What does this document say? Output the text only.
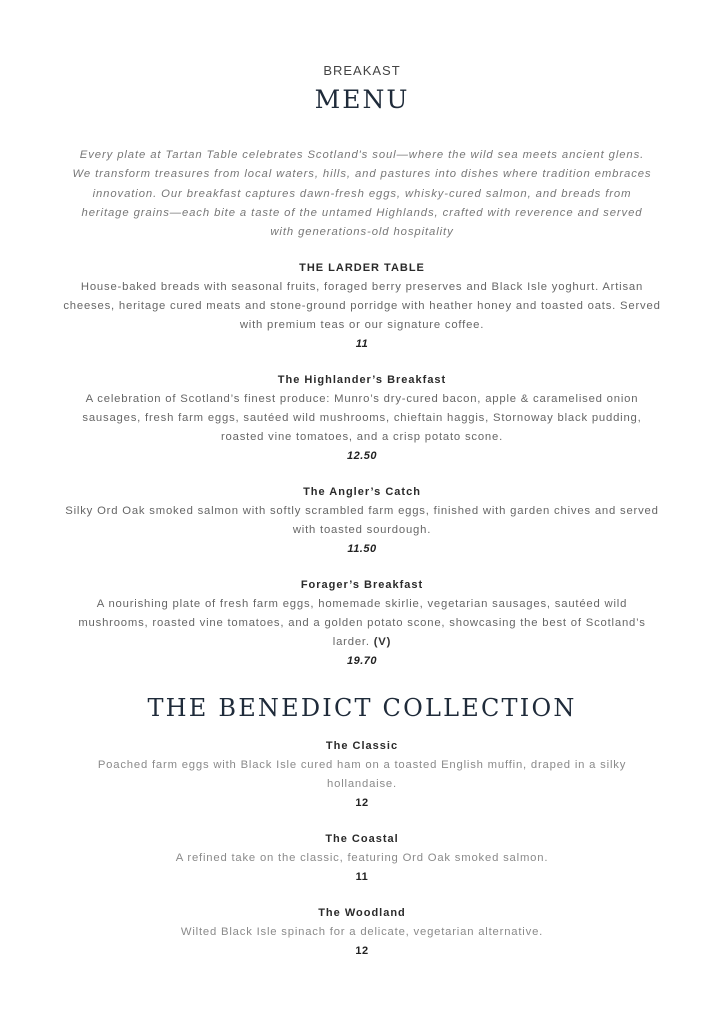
BREAKAST
MENU
Every plate at Tartan Table celebrates Scotland's soul—where the wild sea meets ancient glens. We transform treasures from local waters, hills, and pastures into dishes where tradition embraces innovation. Our breakfast captures dawn-fresh eggs, whisky-cured salmon, and breads from heritage grains—each bite a taste of the untamed Highlands, crafted with reverence and served with generations-old hospitality
THE LARDER TABLE
House-baked breads with seasonal fruits, foraged berry preserves and Black Isle yoghurt. Artisan cheeses, heritage cured meats and stone-ground porridge with heather honey and toasted oats. Served with premium teas or our signature coffee.
11
The Highlander’s Breakfast
A celebration of Scotland’s finest produce: Munro’s dry-cured bacon, apple & caramelised onion sausages, fresh farm eggs, sautéed wild mushrooms, chieftain haggis, Stornoway black pudding, roasted vine tomatoes, and a crisp potato scone.
12.50
The Angler’s Catch
Silky Ord Oak smoked salmon with softly scrambled farm eggs, finished with garden chives and served with toasted sourdough.
11.50
Forager’s Breakfast
A nourishing plate of fresh farm eggs, homemade skirlie, vegetarian sausages, sautéed wild mushrooms, roasted vine tomatoes, and a golden potato scone, showcasing the best of Scotland’s larder. (V)
19.70
THE BENEDICT COLLECTION
The Classic
Poached farm eggs with Black Isle cured ham on a toasted English muffin, draped in a silky hollandaise.
12
The Coastal
A refined take on the classic, featuring Ord Oak smoked salmon.
11
The Woodland
Wilted Black Isle spinach for a delicate, vegetarian alternative.
12
